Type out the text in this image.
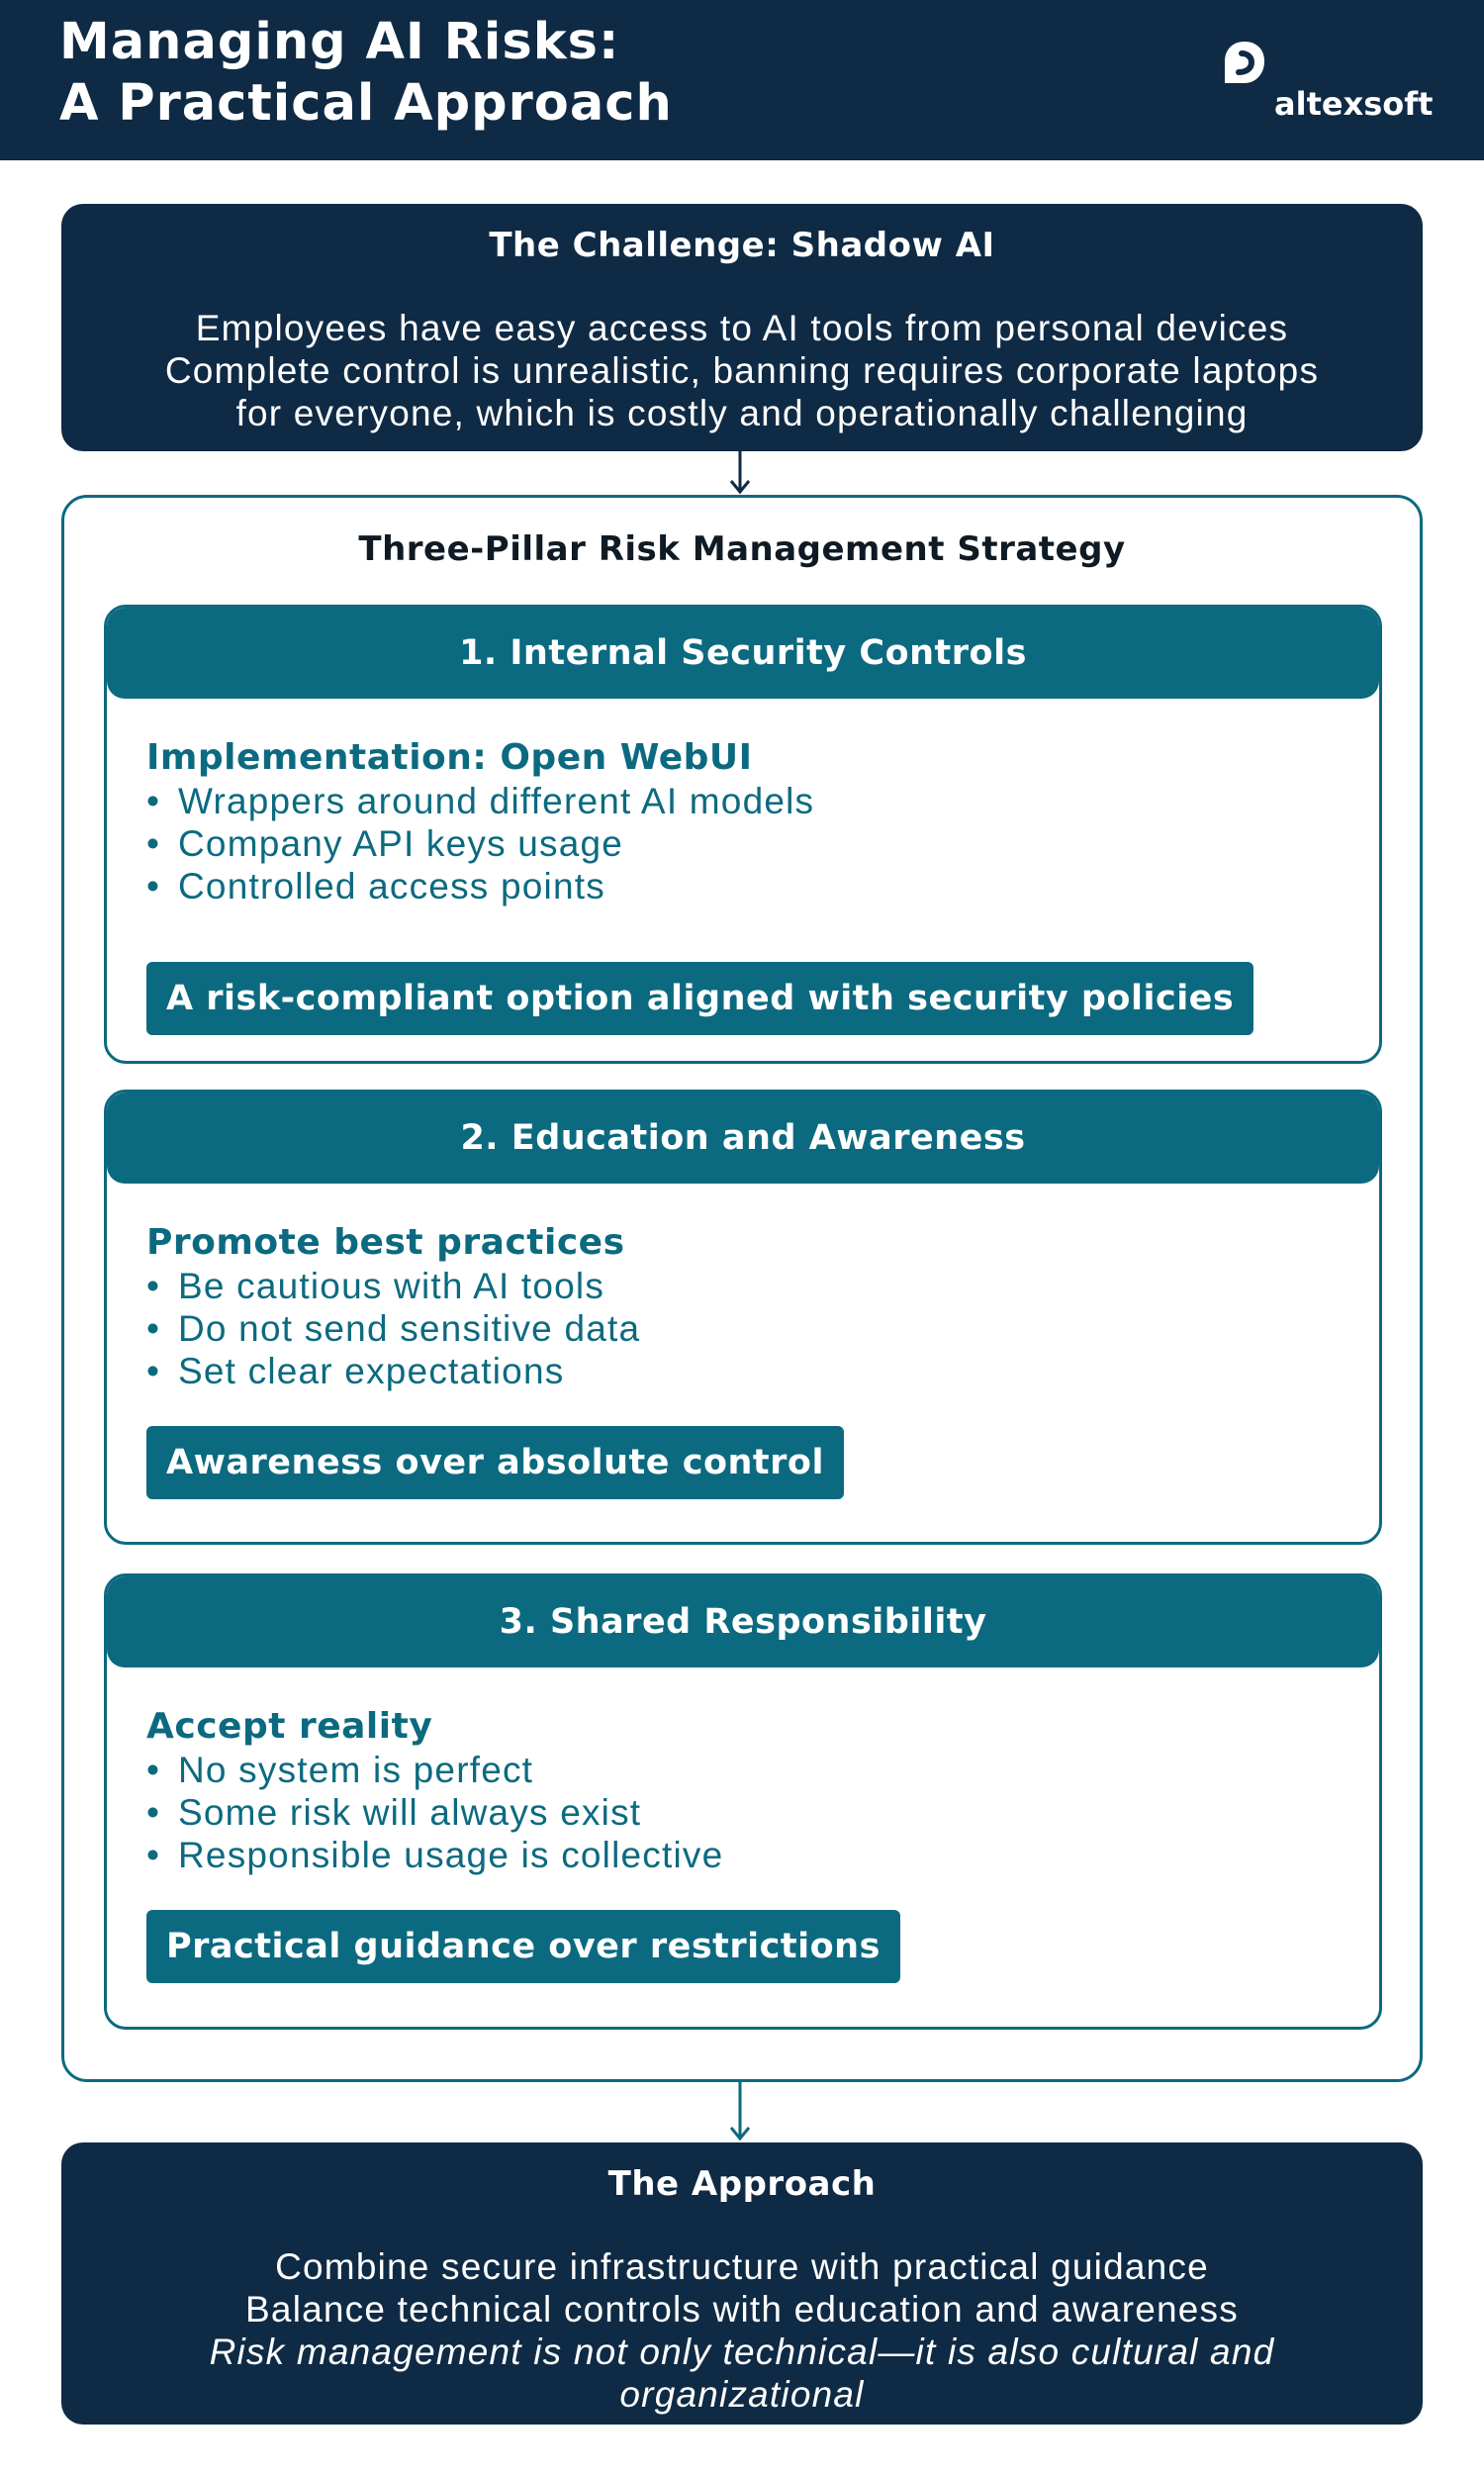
Managing AI Risks:
A Practical Approach	altexsoft
The Challenge: Shadow AI
Employees have easy access to AI tools from personal devices
Complete control is unrealistic, banning requires corporate laptops
for everyone, which is costly and operationally challenging
Three-Pillar Risk Management Strategy
1. Internal Security Controls
Implementation: Open WebUI
• Wrappers around different AI models
• Company API keys usage
• Controlled access points
A risk-compliant option aligned with security policies
2. Education and Awareness
Promote best practices
• Be cautious with AI tools
• Do not send sensitive data
• Set clear expectations
Awareness over absolute control
3. Shared Responsibility
Accept reality
• No system is perfect
• Some risk will always exist
• Responsible usage is collective
Practical guidance over restrictions
The Approach
Combine secure infrastructure with practical guidance
Balance technical controls with education and awareness
Risk management is not only technical—it is also cultural and organizational
